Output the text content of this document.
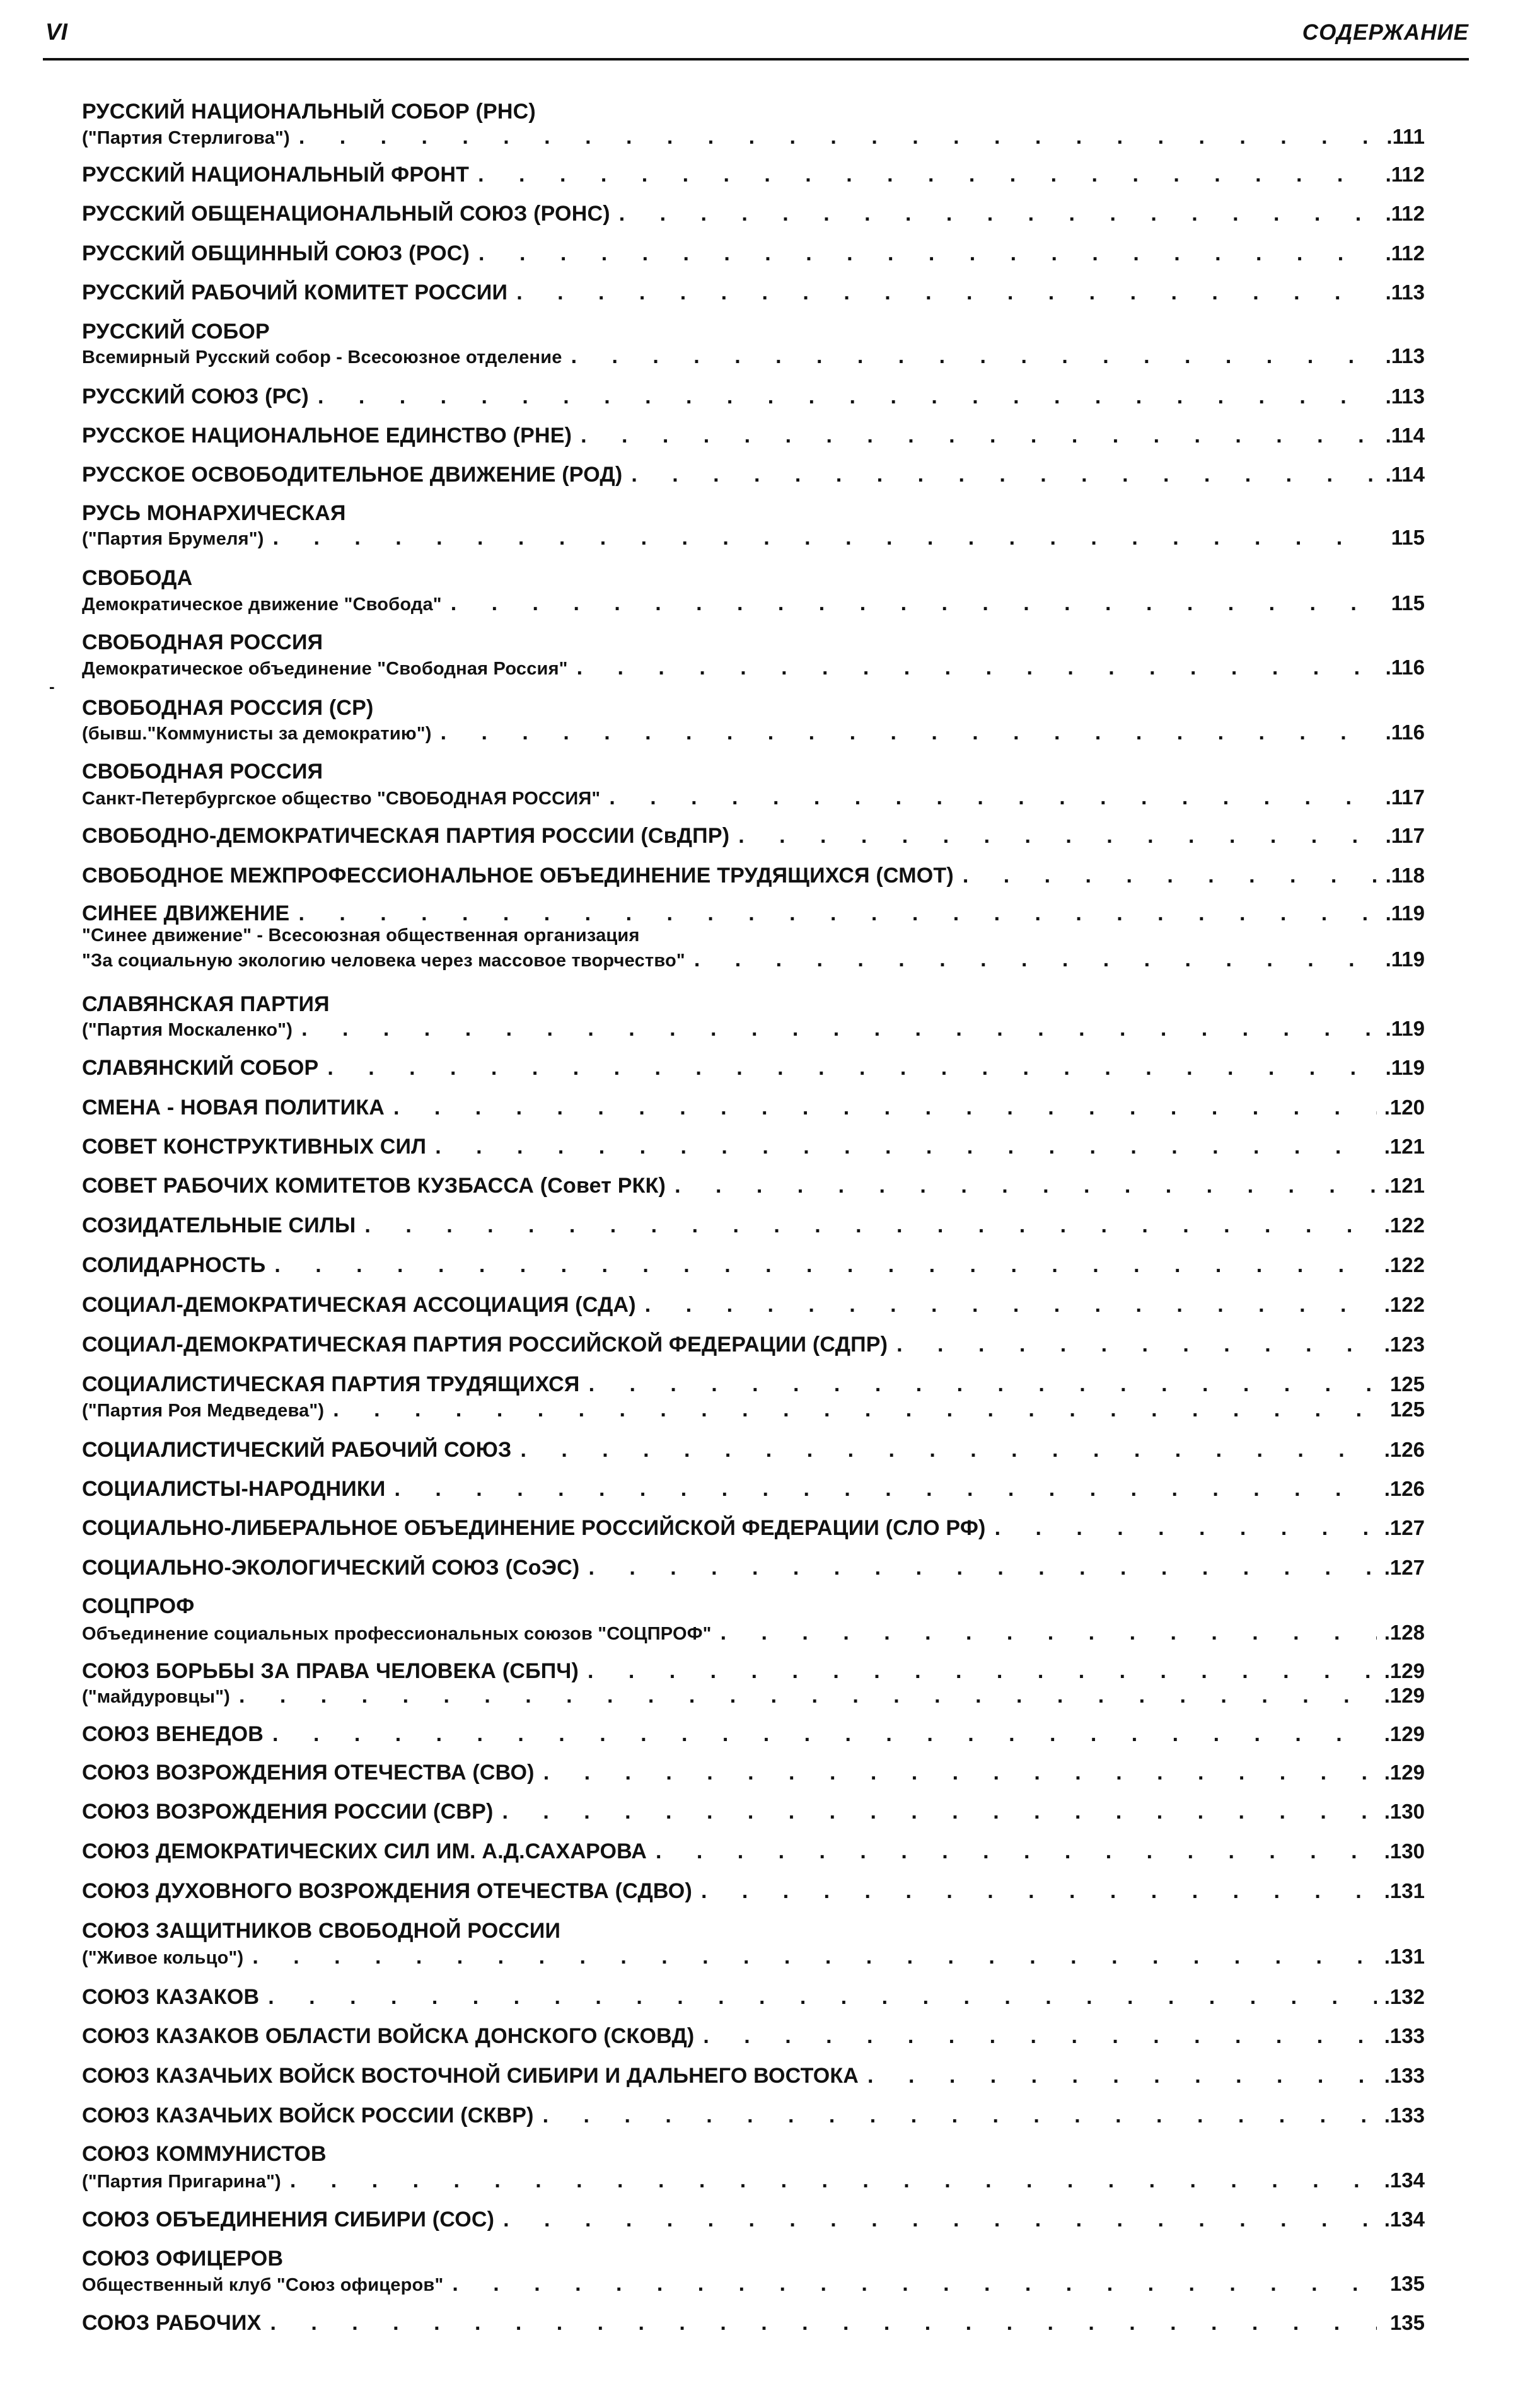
VI	СОДЕРЖАНИЕ
-
РУССКИЙ НАЦИОНАЛЬНЫЙ СОБОР (РНС)
("Партия Стерлигова") . . .	.111
РУССКИЙ НАЦИОНАЛЬНЫЙ ФРОНТ . . .	.112
РУССКИЙ ОБЩЕНАЦИОНАЛЬНЫЙ СОЮЗ (РОНС) . . .	.112
РУССКИЙ ОБЩИННЫЙ СОЮЗ (РОС) . . .	.112
РУССКИЙ РАБОЧИЙ КОМИТЕТ РОССИИ . . .	.113
РУССКИЙ СОБОР
Всемирный Русский собор - Всесоюзное отделение . . .	.113
РУССКИЙ СОЮЗ (РС) . . .	.113
РУССКОЕ НАЦИОНАЛЬНОЕ ЕДИНСТВО (РНЕ) . . .	.114
РУССКОЕ ОСВОБОДИТЕЛЬНОЕ ДВИЖЕНИЕ (РОД) . . .	.114
РУСЬ МОНАРХИЧЕСКАЯ
("Партия Брумеля") . . .	115
СВОБОДА
Демократическое движение "Свобода" . . .	115
СВОБОДНАЯ РОССИЯ
Демократическое объединение "Свободная Россия" . . .	.116
СВОБОДНАЯ РОССИЯ (СР)
(бывш."Коммунисты за демократию") . . .	.116
СВОБОДНАЯ РОССИЯ
Санкт-Петербургское общество "СВОБОДНАЯ РОССИЯ" . . .	.117
СВОБОДНО-ДЕМОКРАТИЧЕСКАЯ ПАРТИЯ РОССИИ (СвДПР) . . .	.117
СВОБОДНОЕ МЕЖПРОФЕССИОНАЛЬНОЕ ОБЪЕДИНЕНИЕ ТРУДЯЩИХСЯ (СМОТ) . . .	.118
СИНЕЕ ДВИЖЕНИЕ . . .	.119
"Синее движение" - Всесоюзная общественная организация
"За социальную экологию человека через массовое творчество" . . .	.119
СЛАВЯНСКАЯ ПАРТИЯ
("Партия Москаленко") . . .	.119
СЛАВЯНСКИЙ СОБОР . . .	.119
СМЕНА - НОВАЯ ПОЛИТИКА . . .	.120
СОВЕТ КОНСТРУКТИВНЫХ СИЛ . . .	.121
СОВЕТ РАБОЧИХ КОМИТЕТОВ КУЗБАССА (Совет РКК) . . .	.121
СОЗИДАТЕЛЬНЫЕ СИЛЫ . . .	.122
СОЛИДАРНОСТЬ . . .	.122
СОЦИАЛ-ДЕМОКРАТИЧЕСКАЯ АССОЦИАЦИЯ (СДА) . . .	.122
СОЦИАЛ-ДЕМОКРАТИЧЕСКАЯ ПАРТИЯ РОССИЙСКОЙ ФЕДЕРАЦИИ (СДПР) . . .	.123
СОЦИАЛИСТИЧЕСКАЯ ПАРТИЯ ТРУДЯЩИХСЯ . . .	125
("Партия Роя Медведева") . . .	125
СОЦИАЛИСТИЧЕСКИЙ РАБОЧИЙ СОЮЗ . . .	.126
СОЦИАЛИСТЫ-НАРОДНИКИ . . .	.126
СОЦИАЛЬНО-ЛИБЕРАЛЬНОЕ ОБЪЕДИНЕНИЕ РОССИЙСКОЙ ФЕДЕРАЦИИ (СЛО РФ) . . .	.127
СОЦИАЛЬНО-ЭКОЛОГИЧЕСКИЙ СОЮЗ (СоЭС) . . .	.127
СОЦПРОФ
Объединение социальных профессиональных союзов "СОЦПРОФ" . . .	.128
СОЮЗ БОРЬБЫ ЗА ПРАВА ЧЕЛОВЕКА (СБПЧ) . . .	.129
("майдуровцы") . . .	.129
СОЮЗ ВЕНЕДОВ . . .	.129
СОЮЗ ВОЗРОЖДЕНИЯ ОТЕЧЕСТВА (СВО) . . .	.129
СОЮЗ ВОЗРОЖДЕНИЯ РОССИИ (СВР) . . .	.130
СОЮЗ ДЕМОКРАТИЧЕСКИХ СИЛ ИМ. А.Д.САХАРОВА . . .	.130
СОЮЗ ДУХОВНОГО ВОЗРОЖДЕНИЯ ОТЕЧЕСТВА (СДВО) . . .	.131
СОЮЗ ЗАЩИТНИКОВ СВОБОДНОЙ РОССИИ
("Живое кольцо") . . .	.131
СОЮЗ КАЗАКОВ . . .	.132
СОЮЗ КАЗАКОВ ОБЛАСТИ ВОЙСКА ДОНСКОГО (СКОВД) . . .	.133
СОЮЗ КАЗАЧЬИХ ВОЙСК ВОСТОЧНОЙ СИБИРИ И ДАЛЬНЕГО ВОСТОКА . . .	.133
СОЮЗ КАЗАЧЬИХ ВОЙСК РОССИИ (СКВР) . . .	.133
СОЮЗ КОММУНИСТОВ
("Партия Пригарина") . . .	.134
СОЮЗ ОБЪЕДИНЕНИЯ СИБИРИ (СОС) . . .	.134
СОЮЗ ОФИЦЕРОВ
Общественный клуб "Союз офицеров" . . .	135
СОЮЗ РАБОЧИХ . . .	135
